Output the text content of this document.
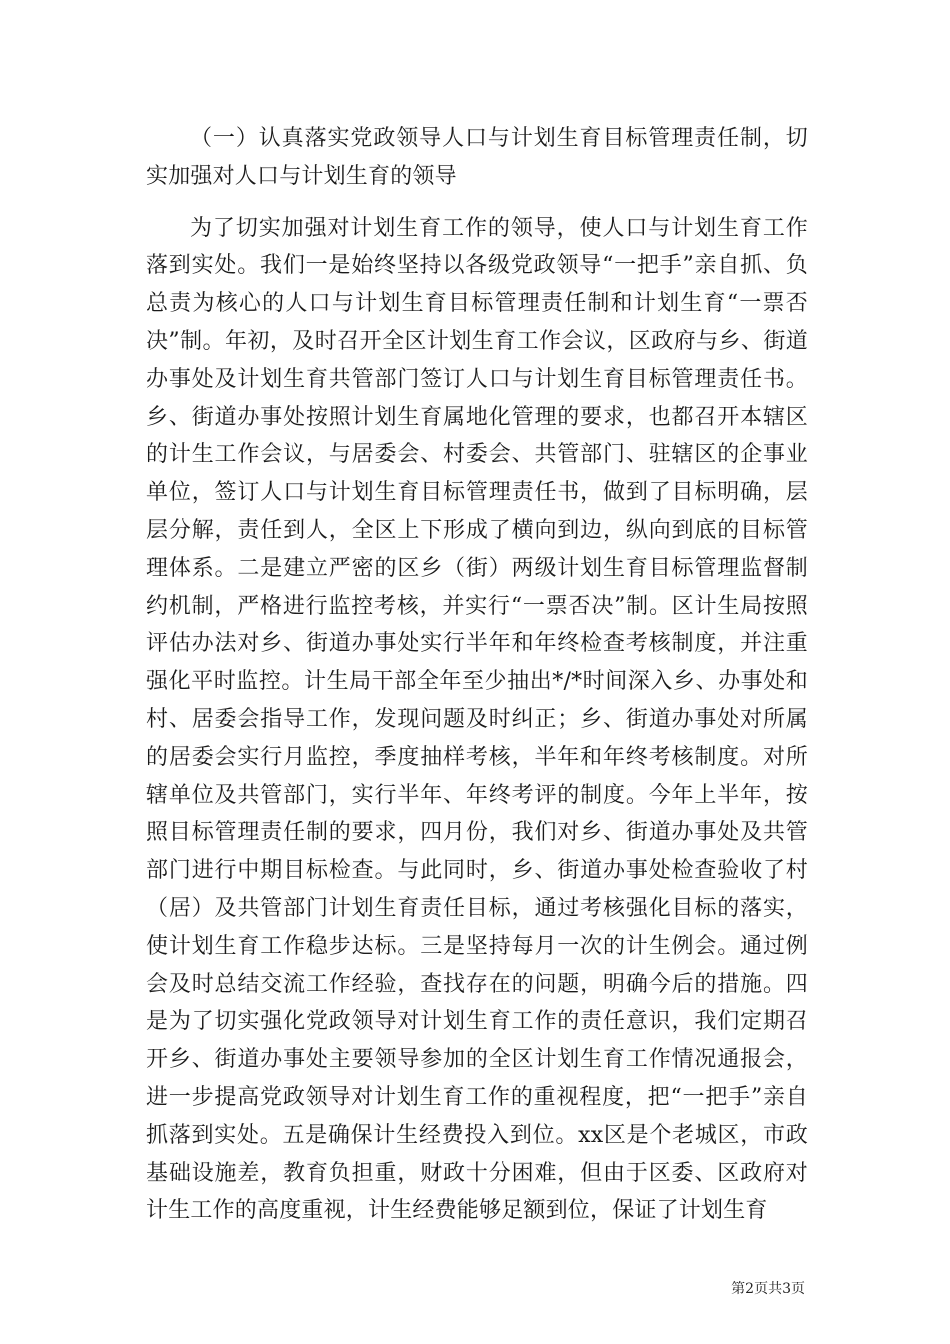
（一）认真落实党政领导人口与计划生育目标管理责任制，切实加强对人口与计划生育的领导

为了切实加强对计划生育工作的领导，使人口与计划生育工作落到实处。我们一是始终坚持以各级党政领导“一把手”亲自抓、负总责为核心的人口与计划生育目标管理责任制和计划生育“一票否决”制。年初，及时召开全区计划生育工作会议，区政府与乡、街道办事处及计划生育共管部门签订人口与计划生育目标管理责任书。乡、街道办事处按照计划生育属地化管理的要求，也都召开本辖区的计生工作会议，与居委会、村委会、共管部门、驻辖区的企事业单位，签订人口与计划生育目标管理责任书，做到了目标明确，层层分解，责任到人，全区上下形成了横向到边，纵向到底的目标管理体系。二是建立严密的区乡（街）两级计划生育目标管理监督制约机制，严格进行监控考核，并实行“一票否决”制。区计生局按照评估办法对乡、街道办事处实行半年和年终检查考核制度，并注重强化平时监控。计生局干部全年至少抽出*/*时间深入乡、办事处和村、居委会指导工作，发现问题及时纠正；乡、街道办事处对所属的居委会实行月监控，季度抽样考核，半年和年终考核制度。对所辖单位及共管部门，实行半年、年终考评的制度。今年上半年，按照目标管理责任制的要求，四月份，我们对乡、街道办事处及共管部门进行中期目标检查。与此同时，乡、街道办事处检查验收了村（居）及共管部门计划生育责任目标，通过考核强化目标的落实，使计划生育工作稳步达标。三是坚持每月一次的计生例会。通过例会及时总结交流工作经验，查找存在的问题，明确今后的措施。四是为了切实强化党政领导对计划生育工作的责任意识，我们定期召开乡、街道办事处主要领导参加的全区计划生育工作情况通报会，进一步提高党政领导对计划生育工作的重视程度，把“一把手”亲自抓落到实处。五是确保计生经费投入到位。xx区是个老城区，市政基础设施差，教育负担重，财政十分困难，但由于区委、区政府对计生工作的高度重视，计生经费能够足额到位，保证了计划生育

第2页共3页
